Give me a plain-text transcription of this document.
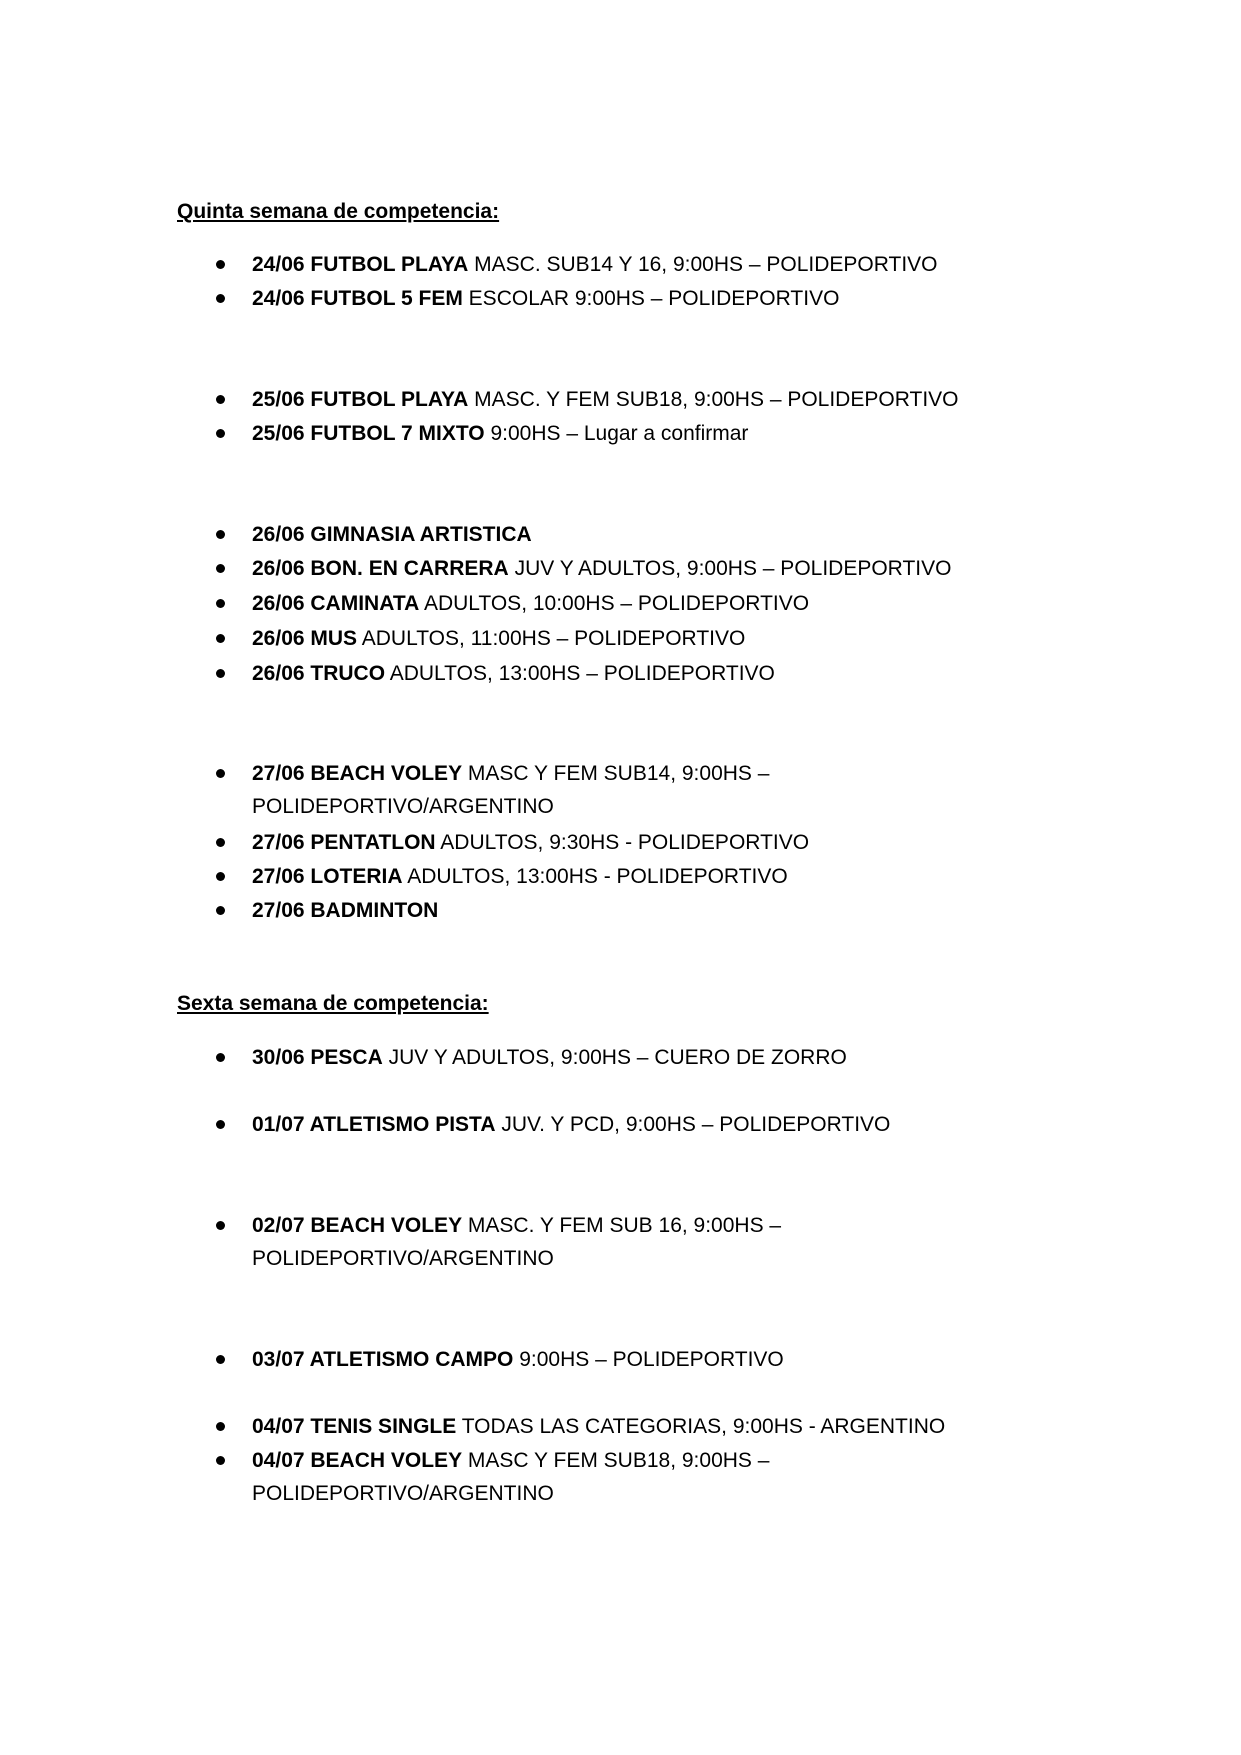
Quinta semana de competencia:
24/06 FUTBOL PLAYA MASC. SUB14 Y 16, 9:00HS – POLIDEPORTIVO
24/06 FUTBOL 5 FEM ESCOLAR 9:00HS – POLIDEPORTIVO
25/06 FUTBOL PLAYA MASC. Y FEM SUB18, 9:00HS – POLIDEPORTIVO
25/06 FUTBOL 7 MIXTO 9:00HS – Lugar a confirmar
26/06 GIMNASIA ARTISTICA
26/06 BON. EN CARRERA JUV Y ADULTOS, 9:00HS – POLIDEPORTIVO
26/06 CAMINATA ADULTOS, 10:00HS – POLIDEPORTIVO
26/06 MUS ADULTOS, 11:00HS – POLIDEPORTIVO
26/06 TRUCO ADULTOS, 13:00HS – POLIDEPORTIVO
27/06 BEACH VOLEY MASC Y FEM SUB14, 9:00HS –
POLIDEPORTIVO/ARGENTINO
27/06 PENTATLON ADULTOS, 9:30HS - POLIDEPORTIVO
27/06 LOTERIA ADULTOS, 13:00HS - POLIDEPORTIVO
27/06 BADMINTON
Sexta semana de competencia:
30/06 PESCA JUV Y ADULTOS, 9:00HS – CUERO DE ZORRO
01/07 ATLETISMO PISTA JUV. Y PCD, 9:00HS – POLIDEPORTIVO
02/07 BEACH VOLEY MASC. Y FEM SUB 16, 9:00HS –
POLIDEPORTIVO/ARGENTINO
03/07 ATLETISMO CAMPO 9:00HS – POLIDEPORTIVO
04/07 TENIS SINGLE TODAS LAS CATEGORIAS, 9:00HS - ARGENTINO
04/07 BEACH VOLEY MASC Y FEM SUB18, 9:00HS –
POLIDEPORTIVO/ARGENTINO
